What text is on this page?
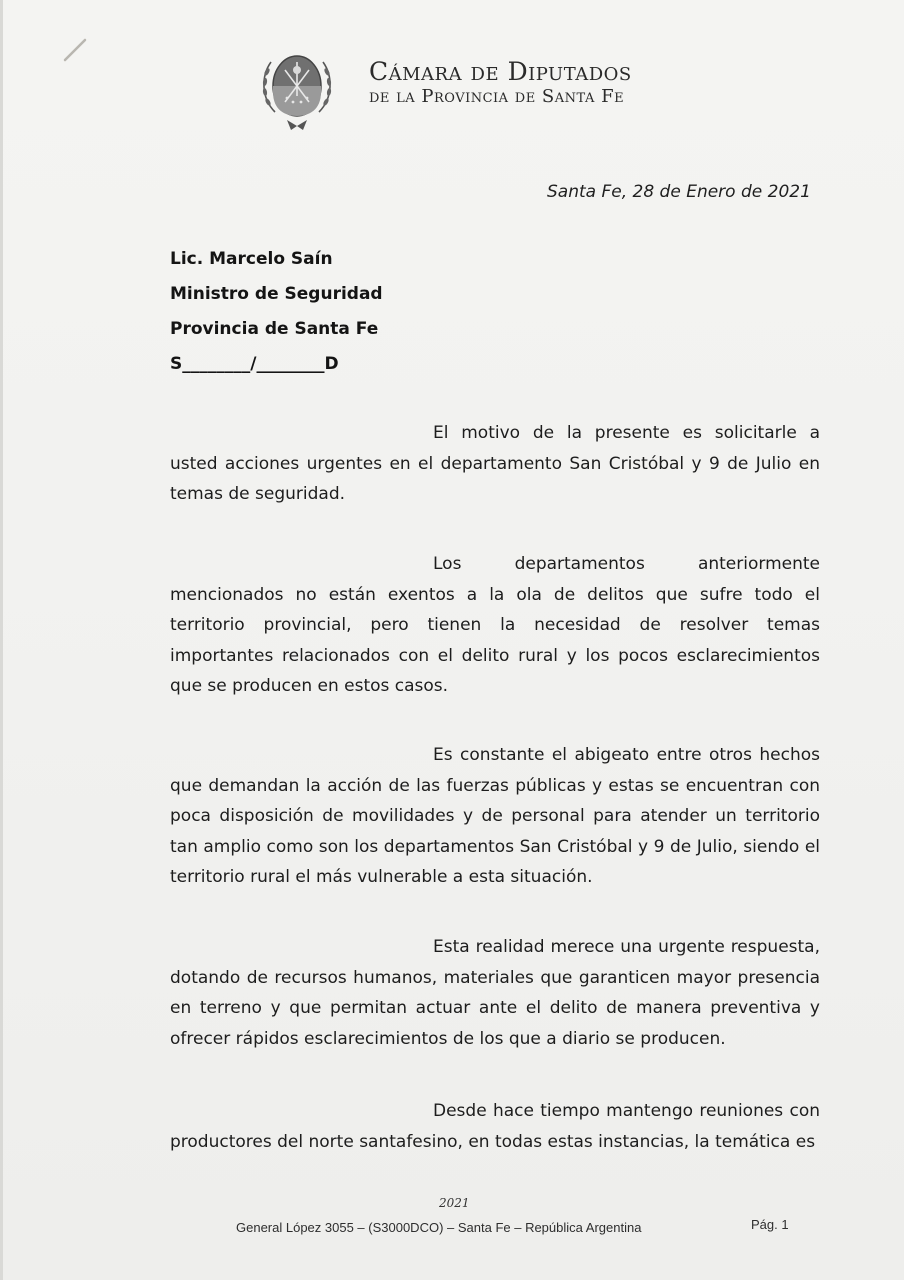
Cámara de Diputados
de la Provincia de Santa Fe
Santa Fe, 28 de Enero de 2021
Lic. Marcelo Saín
Ministro de Seguridad
Provincia de Santa Fe
S________/________D
El motivo de la presente es solicitarle a
usted acciones urgentes en el departamento San Cristóbal y 9 de Julio en temas de seguridad.
Los departamentos anteriormente
mencionados no están exentos a la ola de delitos que sufre todo el territorio provincial, pero tienen la necesidad de resolver temas importantes relacionados con el delito rural y los pocos esclarecimientos que se producen en estos casos.
Es constante el abigeato entre otros hechos
que demandan la acción de las fuerzas públicas y estas se encuentran con poca disposición de movilidades y de personal para atender un territorio tan amplio como son los departamentos San Cristóbal y 9 de Julio, siendo el territorio rural el más vulnerable a esta situación.
Esta realidad merece una urgente respuesta,
dotando de recursos humanos, materiales que garanticen mayor presencia en terreno y que permitan actuar ante el delito de manera preventiva y ofrecer rápidos esclarecimientos de los que a diario se producen.
Desde hace tiempo mantengo reuniones con
productores del norte santafesino, en todas estas instancias, la temática es
2021
General López 3055 – (S3000DCO) – Santa Fe – República Argentina	Pág. 1
